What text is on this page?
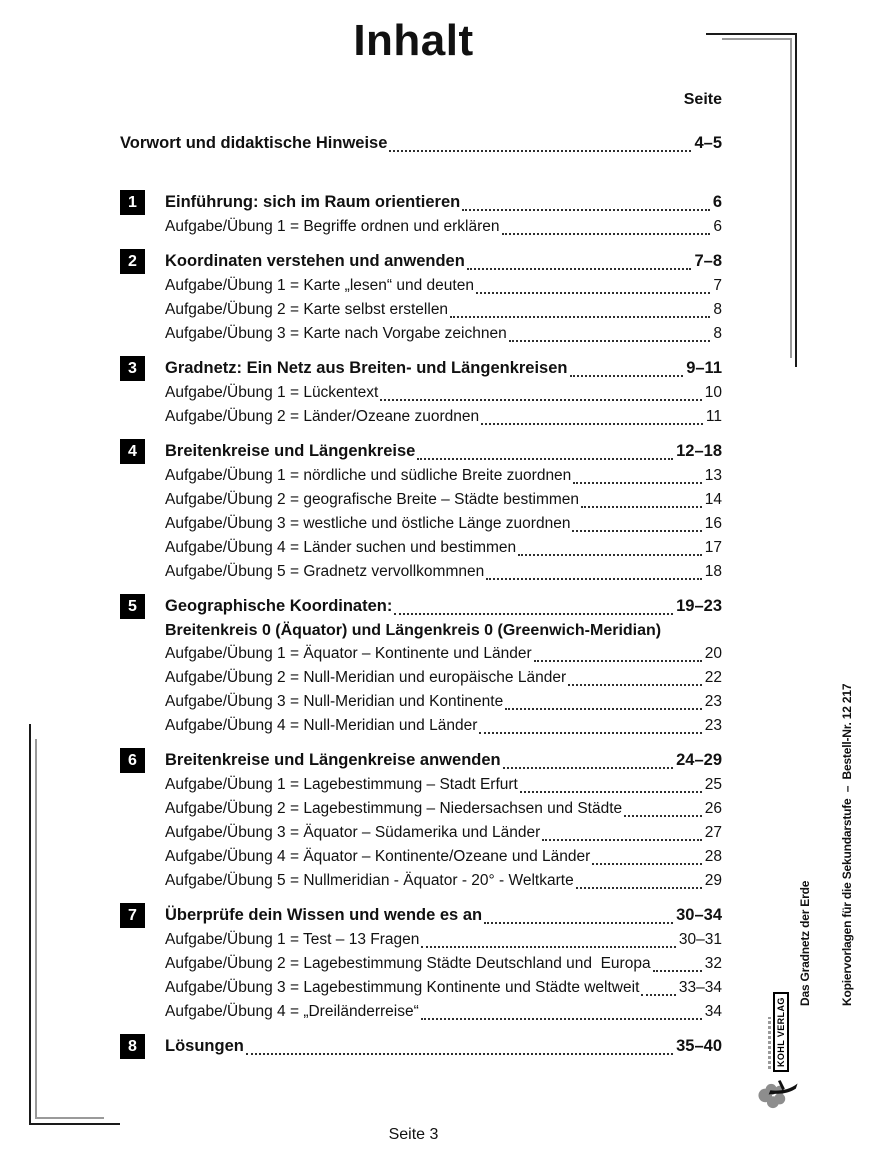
Inhalt
Seite
Vorwort und didaktische Hinweise	4–5
1	Einführung: sich im Raum orientieren	6
Aufgabe/Übung 1 = Begriffe ordnen und erklären	6
2	Koordinaten verstehen und anwenden	7–8
Aufgabe/Übung 1 = Karte „lesen“ und deuten	7
Aufgabe/Übung 2 = Karte selbst erstellen	8
Aufgabe/Übung 3 = Karte nach Vorgabe zeichnen	8
3	Gradnetz: Ein Netz aus Breiten- und Längenkreisen	9–11
Aufgabe/Übung 1 = Lückentext	10
Aufgabe/Übung 2 = Länder/Ozeane zuordnen	11
4	Breitenkreise und Längenkreise	12–18
Aufgabe/Übung 1 = nördliche und südliche Breite zuordnen	13
Aufgabe/Übung 2 = geografische Breite – Städte bestimmen	14
Aufgabe/Übung 3 = westliche und östliche Länge zuordnen	16
Aufgabe/Übung 4 = Länder suchen und bestimmen	17
Aufgabe/Übung 5 = Gradnetz vervollkommnen	18
5	Geographische Koordinaten:	19–23
Breitenkreis 0 (Äquator) und Längenkreis 0 (Greenwich-Meridian)
Aufgabe/Übung 1 = Äquator – Kontinente und Länder	20
Aufgabe/Übung 2 = Null-Meridian und europäische Länder	22
Aufgabe/Übung 3 = Null-Meridian und Kontinente	23
Aufgabe/Übung 4 = Null-Meridian und Länder	23
6	Breitenkreise und Längenkreise anwenden	24–29
Aufgabe/Übung 1 = Lagebestimmung – Stadt Erfurt	25
Aufgabe/Übung 2 = Lagebestimmung – Niedersachsen und Städte	26
Aufgabe/Übung 3 = Äquator – Südamerika und Länder	27
Aufgabe/Übung 4 = Äquator – Kontinente/Ozeane und Länder	28
Aufgabe/Übung 5 = Nullmeridian - Äquator - 20° - Weltkarte	29
7	Überprüfe dein Wissen und wende es an	30–34
Aufgabe/Übung 1 = Test – 13 Fragen	30–31
Aufgabe/Übung 2 = Lagebestimmung Städte Deutschland und  Europa	32
Aufgabe/Übung 3 = Lagebestimmung Kontinente und Städte weltweit	33–34
Aufgabe/Übung 4 = „Dreiländerreise“	34
8	Lösungen	35–40

Das Gradnetz der Erde

Kopiervorlagen für die Sekundarstufe  –  Bestell-Nr. 12 217

KOHL VERLAG
Seite 3
